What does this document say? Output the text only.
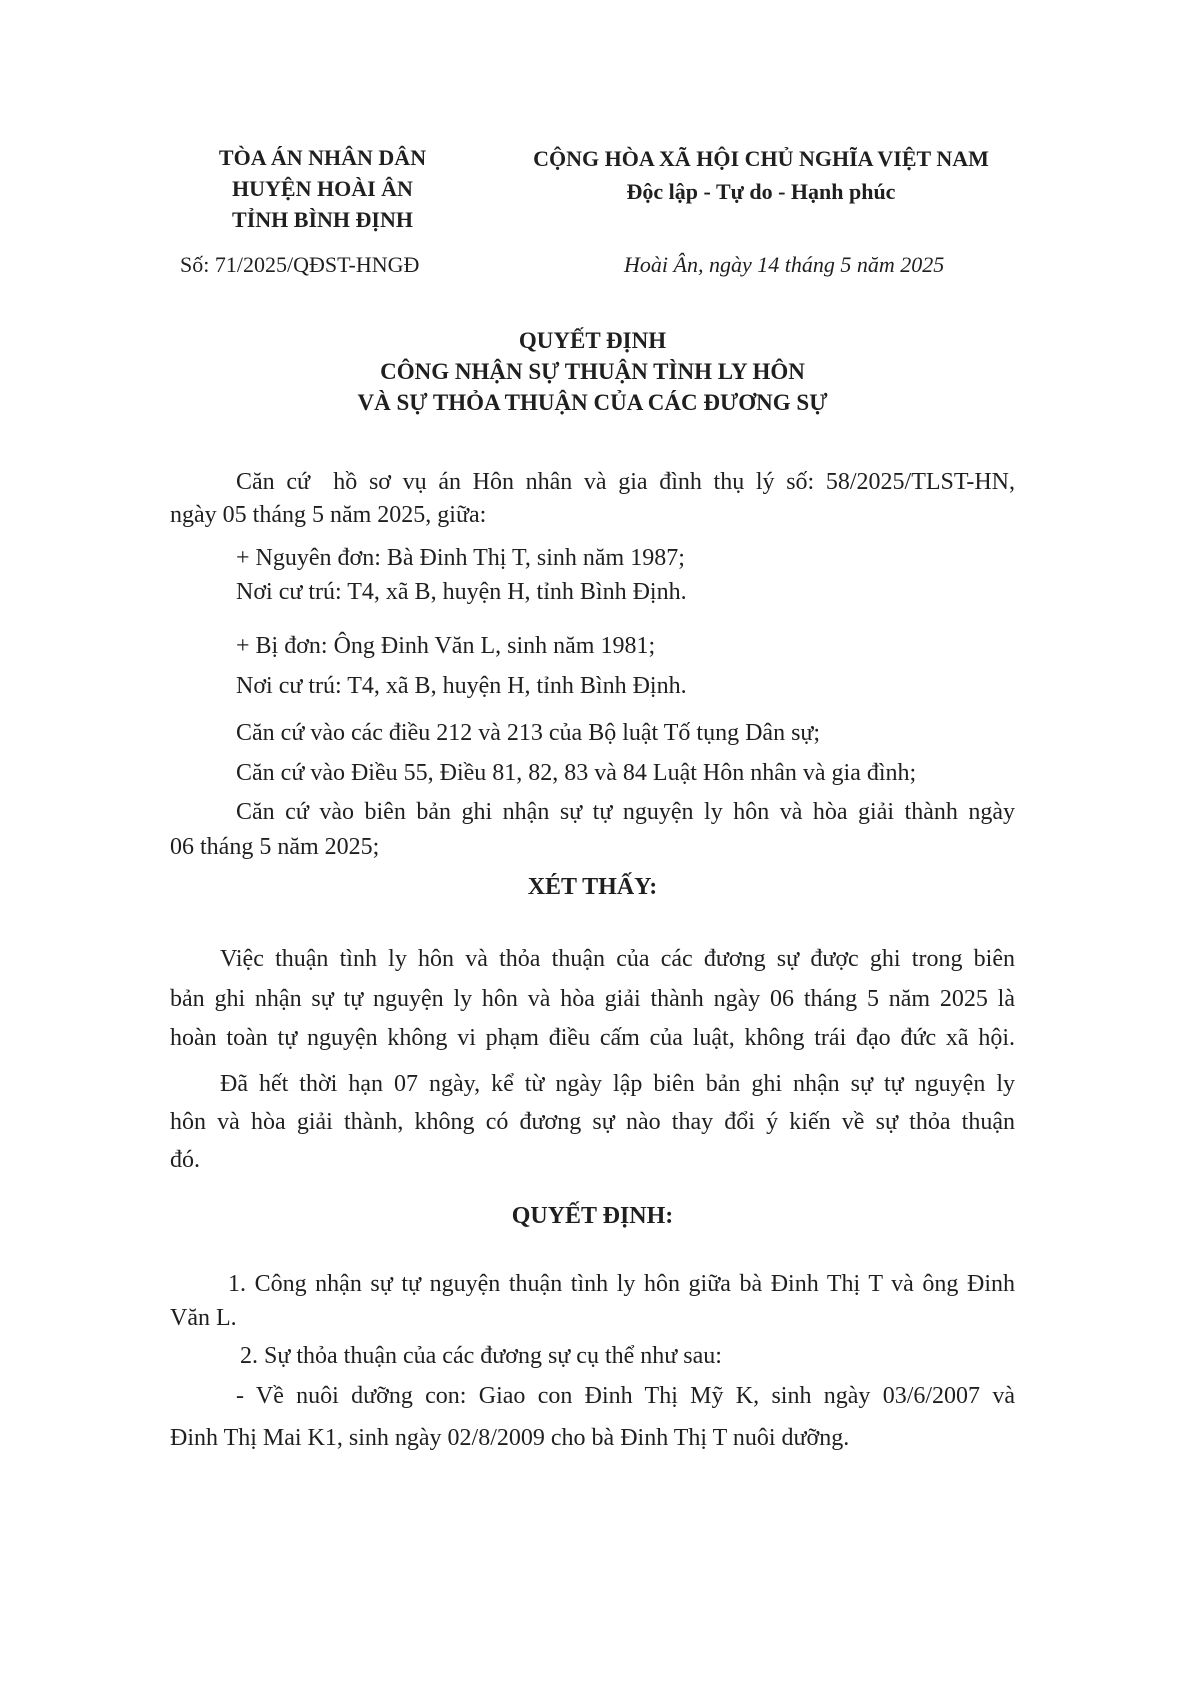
TÒA ÁN NHÂN DÂN
HUYỆN HOÀI ÂN
TỈNH BÌNH ĐỊNH
CỘNG HÒA XÃ HỘI CHỦ NGHĨA VIỆT NAM
Độc lập - Tự do - Hạnh phúc
Số: 71/2025/QĐST-HNGĐ	Hoài Ân, ngày 14 tháng 5 năm 2025
QUYẾT ĐỊNH
CÔNG NHẬN SỰ THUẬN TÌNH LY HÔN
VÀ SỰ THỎA THUẬN CỦA CÁC ĐƯƠNG SỰ
Căn cứ  hồ sơ vụ án Hôn nhân và gia đình thụ lý số: 58/2025/TLST-HN,
ngày 05 tháng 5 năm 2025, giữa:
+ Nguyên đơn: Bà Đinh Thị T, sinh năm 1987;
Nơi cư trú: T4, xã B, huyện H, tỉnh Bình Định.
+ Bị đơn: Ông Đinh Văn L, sinh năm 1981;
Nơi cư trú: T4, xã B, huyện H, tỉnh Bình Định.
Căn cứ vào các điều 212 và 213 của Bộ luật Tố tụng Dân sự;
Căn cứ vào Điều 55, Điều 81, 82, 83 và 84 Luật Hôn nhân và gia đình;
Căn cứ vào biên bản ghi nhận sự tự nguyện ly hôn và hòa giải thành ngày
06 tháng 5 năm 2025;
XÉT THẤY:
Việc thuận tình ly hôn và thỏa thuận của các đương sự được ghi trong biên
bản ghi nhận sự tự nguyện ly hôn và hòa giải thành ngày 06 tháng 5 năm 2025 là
hoàn toàn tự nguyện không vi phạm điều cấm của luật, không trái đạo đức xã hội.
Đã hết thời hạn 07 ngày, kể từ ngày lập biên bản ghi nhận sự tự nguyện ly
hôn và hòa giải thành, không có đương sự nào thay đổi ý kiến về sự thỏa thuận
đó.
QUYẾT ĐỊNH:
1. Công nhận sự tự nguyện thuận tình ly hôn giữa bà Đinh Thị T và ông Đinh
Văn L.
2. Sự thỏa thuận của các đương sự cụ thể như sau:
- Về nuôi dưỡng con: Giao con Đinh Thị Mỹ K, sinh ngày 03/6/2007 và
Đinh Thị Mai K1, sinh ngày 02/8/2009 cho bà Đinh Thị T nuôi dưỡng.
